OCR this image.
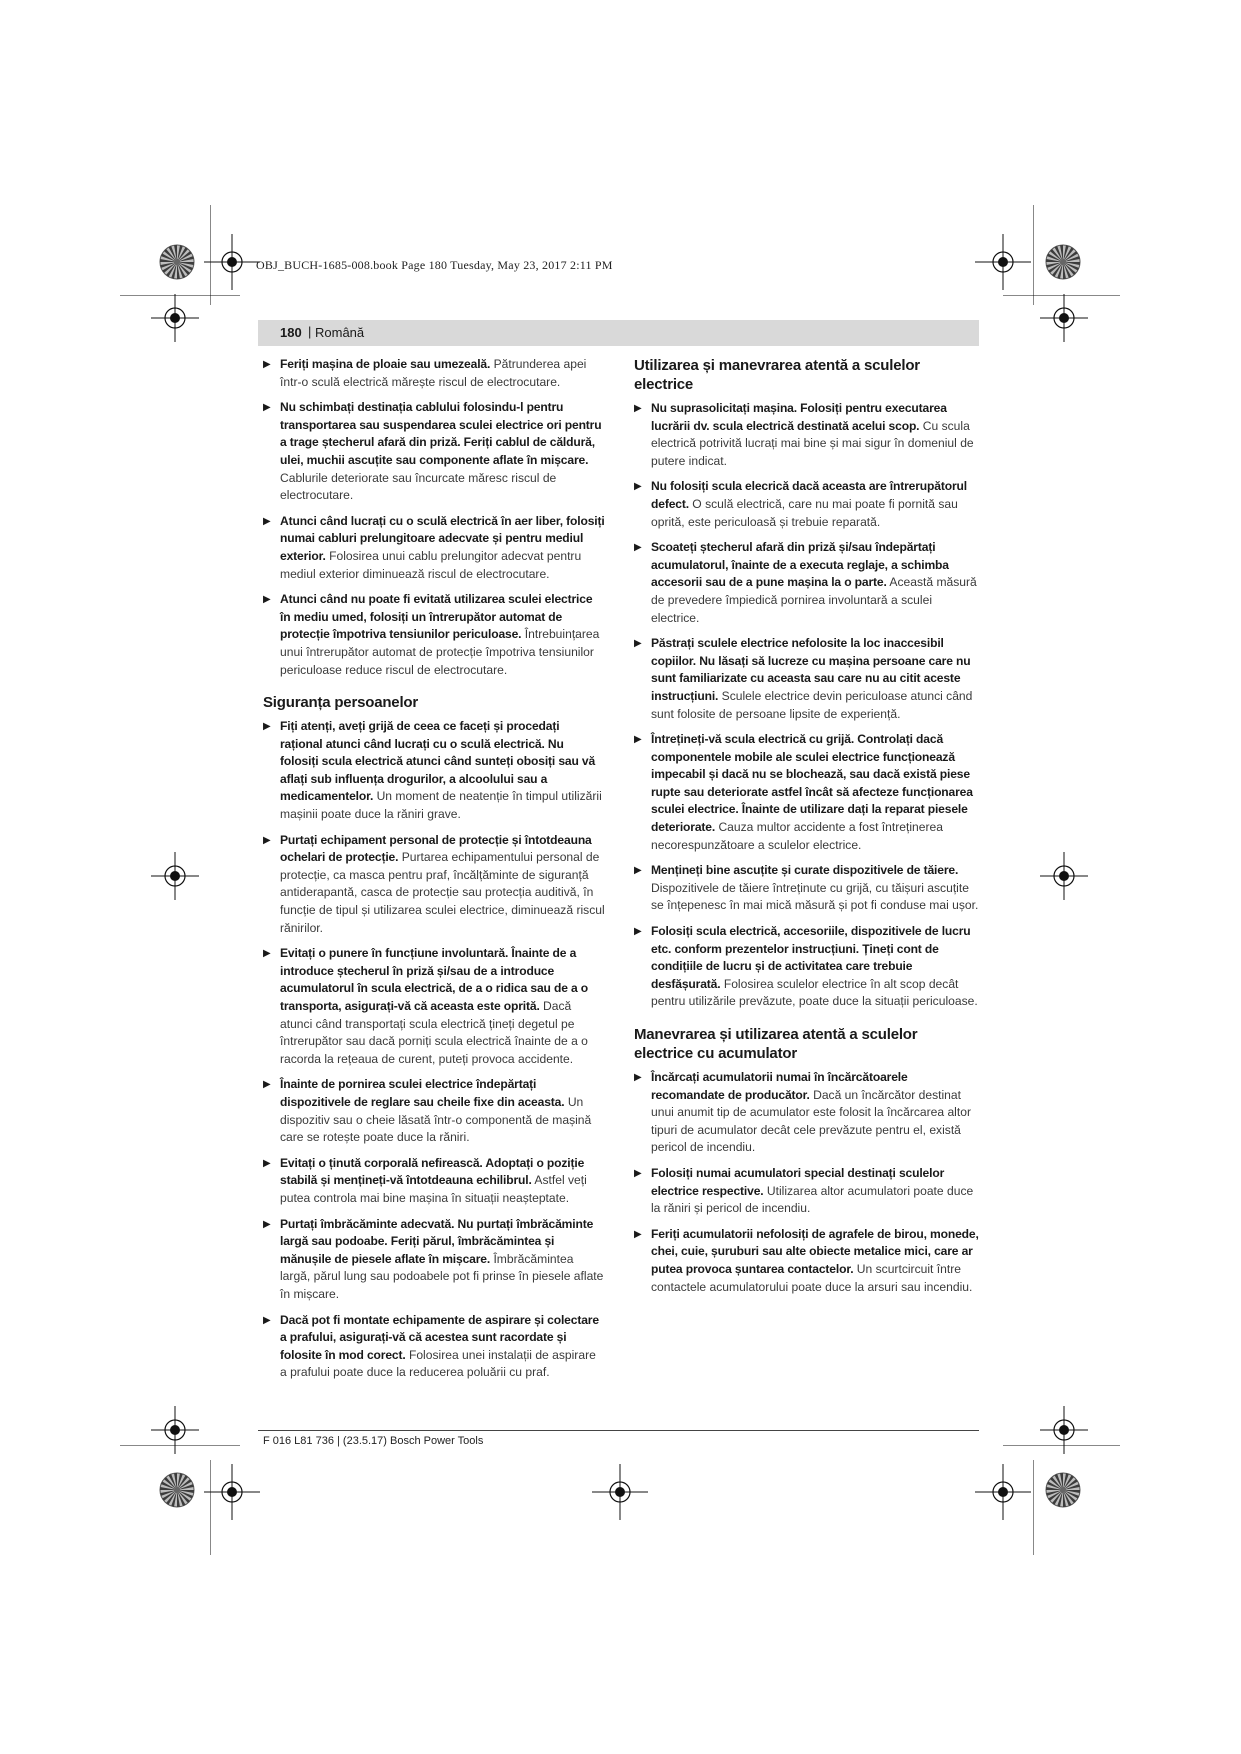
OBJ_BUCH-1685-008.book Page 180 Tuesday, May 23, 2017 2:11 PM
180 | Română
▶ Feriți mașina de ploaie sau umezeală. Pătrunderea apei într-o sculă electrică mărește riscul de electrocutare.
▶ Nu schimbați destinația cablului folosindu-l pentru transportarea sau suspendarea sculei electrice ori pentru a trage ștecherul afară din priză. Feriți cablul de căldură, ulei, muchii ascuțite sau componente aflate în mișcare. Cablurile deteriorate sau încurcate măresc riscul de electrocutare.
▶ Atunci când lucrați cu o sculă electrică în aer liber, folosiți numai cabluri prelungitoare adecvate și pentru mediul exterior. Folosirea unui cablu prelungitor adecvat pentru mediul exterior diminuează riscul de electrocutare.
▶ Atunci când nu poate fi evitată utilizarea sculei electrice în mediu umed, folosiți un întrerupător automat de protecție împotriva tensiunilor periculoase. Întrebuințarea unui întrerupător automat de protecție împotriva tensiunilor periculoase reduce riscul de electrocutare.
Siguranța persoanelor
▶ Fiți atenți, aveți grijă de ceea ce faceți și procedați rațional atunci când lucrați cu o sculă electrică. Nu folosiți scula electrică atunci când sunteți obosiți sau vă aflați sub influența drogurilor, a alcoolului sau a medicamentelor. Un moment de neatenție în timpul utilizării mașinii poate duce la răniri grave.
▶ Purtați echipament personal de protecție și întotdeauna ochelari de protecție. Purtarea echipamentului personal de protecție, ca masca pentru praf, încălțăminte de siguranță antiderapantă, casca de protecție sau protecția auditivă, în funcție de tipul și utilizarea sculei electrice, diminuează riscul rănirilor.
▶ Evitați o punere în funcțiune involuntară. Înainte de a introduce ștecherul în priză și/sau de a introduce acumulatorul în scula electrică, de a o ridica sau de a o transporta, asigurați-vă că aceasta este oprită. Dacă atunci când transportați scula electrică țineți degetul pe întrerupător sau dacă porniți scula electrică înainte de a o racorda la rețeaua de curent, puteți provoca accidente.
▶ Înainte de pornirea sculei electrice îndepărtați dispozitivele de reglare sau cheile fixe din aceasta. Un dispozitiv sau o cheie lăsată într-o componentă de mașină care se rotește poate duce la răniri.
▶ Evitați o ținută corporală nefirească. Adoptați o poziție stabilă și mențineți-vă întotdeauna echilibrul. Astfel veți putea controla mai bine mașina în situații neașteptate.
▶ Purtați îmbrăcăminte adecvată. Nu purtați îmbrăcăminte largă sau podoabe. Feriți părul, îmbrăcămintea și mănușile de piesele aflate în mișcare. Îmbrăcămintea largă, părul lung sau podoabele pot fi prinse în piesele aflate în mișcare.
▶ Dacă pot fi montate echipamente de aspirare și colectare a prafului, asigurați-vă că acestea sunt racordate și folosite în mod corect. Folosirea unei instalații de aspirare a prafului poate duce la reducerea poluării cu praf.
Utilizarea și manevrarea atentă a sculelor electrice
▶ Nu suprasolicitați mașina. Folosiți pentru executarea lucrării dv. scula electrică destinată acelui scop. Cu scula electrică potrivită lucrați mai bine și mai sigur în domeniul de putere indicat.
▶ Nu folosiți scula elecrică dacă aceasta are întrerupătorul defect. O sculă electrică, care nu mai poate fi pornită sau oprită, este periculoasă și trebuie reparată.
▶ Scoateți ștecherul afară din priză și/sau îndepărtați acumulatorul, înainte de a executa reglaje, a schimba accesorii sau de a pune mașina la o parte. Această măsură de prevedere împiedică pornirea involuntară a sculei electrice.
▶ Păstrați sculele electrice nefolosite la loc inaccesibil copiilor. Nu lăsați să lucreze cu mașina persoane care nu sunt familiarizate cu aceasta sau care nu au citit aceste instrucțiuni. Sculele electrice devin periculoase atunci când sunt folosite de persoane lipsite de experiență.
▶ Întrețineți-vă scula electrică cu grijă. Controlați dacă componentele mobile ale sculei electrice funcționează impecabil și dacă nu se blochează, sau dacă există piese rupte sau deteriorate astfel încât să afecteze funcționarea sculei electrice. Înainte de utilizare dați la reparat piesele deteriorate. Cauza multor accidente a fost întreținerea necorespunzătoare a sculelor electrice.
▶ Mențineți bine ascuțite și curate dispozitivele de tăiere. Dispozitivele de tăiere întreținute cu grijă, cu tăișuri ascuțite se înțepenesc în mai mică măsură și pot fi conduse mai ușor.
▶ Folosiți scula electrică, accesoriile, dispozitivele de lucru etc. conform prezentelor instrucțiuni. Țineți cont de condițiile de lucru și de activitatea care trebuie desfășurată. Folosirea sculelor electrice în alt scop decât pentru utilizările prevăzute, poate duce la situații periculoase.
Manevrarea și utilizarea atentă a sculelor electrice cu acumulator
▶ Încărcați acumulatorii numai în încărcătoarele recomandate de producător. Dacă un încărcător destinat unui anumit tip de acumulator este folosit la încărcarea altor tipuri de acumulator decât cele prevăzute pentru el, există pericol de incendiu.
▶ Folosiți numai acumulatori special destinați sculelor electrice respective. Utilizarea altor acumulatori poate duce la răniri și pericol de incendiu.
▶ Feriți acumulatorii nefolosiți de agrafele de birou, monede, chei, cuie, șuruburi sau alte obiecte metalice mici, care ar putea provoca șuntarea contactelor. Un scurtcircuit între contactele acumulatorului poate duce la arsuri sau incendiu.
F 016 L81 736 | (23.5.17) Bosch Power Tools
